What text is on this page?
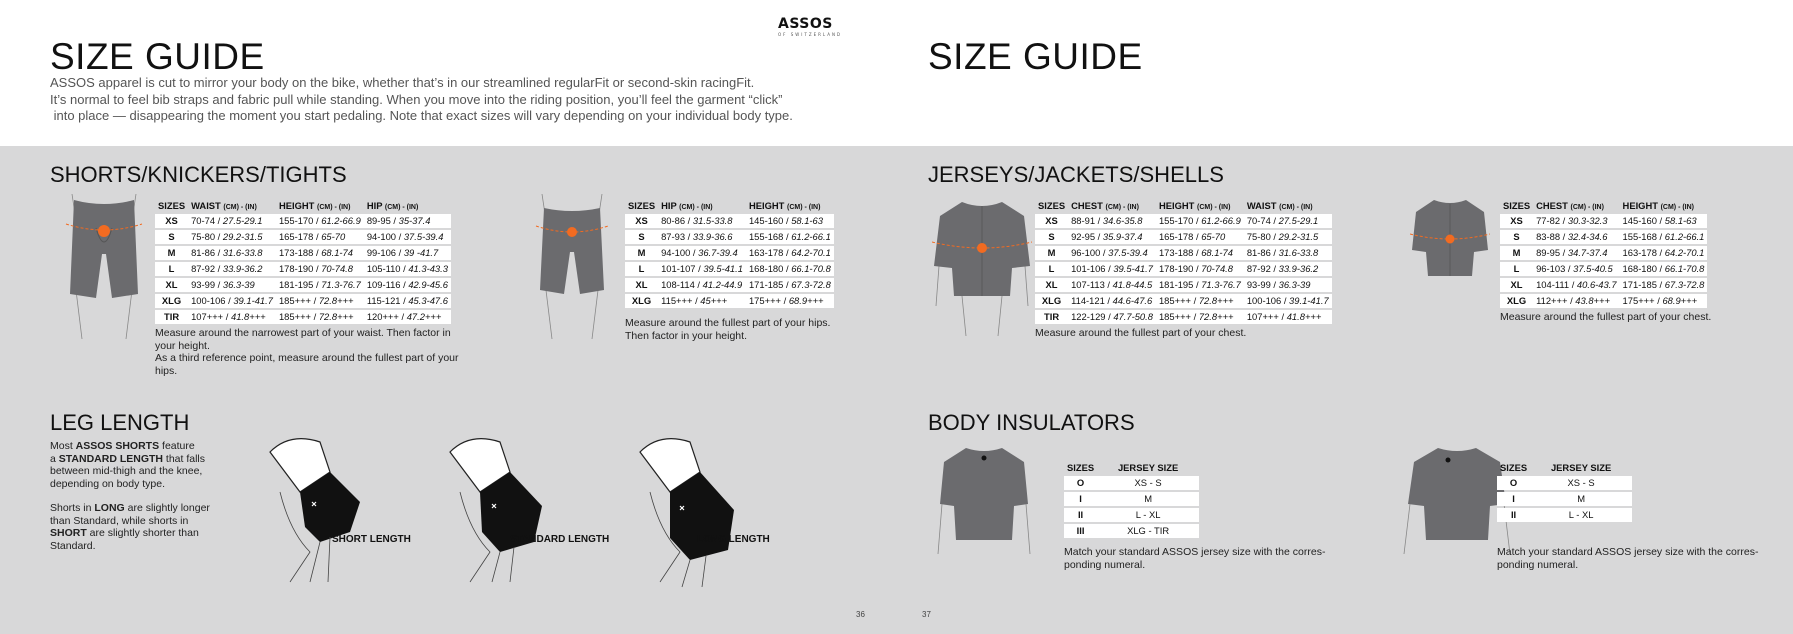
ASSOS
OF SWITZERLAND
SIZE GUIDE	SIZE GUIDE
ASSOS apparel is cut to mirror your body on the bike, whether that’s in our streamlined regularFit or second-skin racingFit.
It’s normal to feel bib straps and fabric pull while standing. When you move into the riding position, you’ll feel the garment “click”
into place — disappearing the moment you start pedaling. Note that exact sizes will vary depending on your individual body type.
SHORTS/KNICKERS/TIGHTS
SIZES	WAIST (CM) - (IN)	HEIGHT (CM) - (IN)	HIP (CM) - (IN)
XS	70-74 / 27.5-29.1	155-170 / 61.2-66.9	89-95 / 35-37.4
S	75-80 / 29.2-31.5	165-178 / 65-70	94-100 / 37.5-39.4
M	81-86 / 31.6-33.8	173-188 / 68.1-74	99-106 / 39 -41.7
L	87-92 / 33.9-36.2	178-190 / 70-74.8	105-110 / 41.3-43.3
XL	93-99 / 36.3-39	181-195 / 71.3-76.7	109-116 / 42.9-45.6
XLG	100-106 / 39.1-41.7	185+++ / 72.8+++	115-121 / 45.3-47.6
TIR	107+++ / 41.8+++	185+++ / 72.8+++	120+++ / 47.2+++

Measure around the narrowest part of your waist. Then factor in

your height.

As a third reference point, measure around the fullest part of your

hips.

SIZES	HIP (CM) - (IN)	HEIGHT (CM) - (IN)
XS	80-86 / 31.5-33.8	145-160 / 58.1-63
S	87-93 / 33.9-36.6	155-168 / 61.2-66.1
M	94-100 / 36.7-39.4	163-178 / 64.2-70.1
L	101-107 / 39.5-41.1	168-180 / 66.1-70.8
XL	108-114 / 41.2-44.9	171-185 / 67.3-72.8
XLG	115+++ / 45+++	175+++ / 68.9+++

Measure around the fullest part of your hips.

Then factor in your height.

LEG LENGTH

Most ASSOS SHORTS feature
a STANDARD LENGTH that falls
between mid-thigh and the knee,
depending on body type.

Shorts in LONG are slightly longer
than Standard, while shorts in
SHORT are slightly shorter than
Standard.	SHORT LENGTH	STANDARD LENGTH	LONG LENGTH
JERSEYS/JACKETS/SHELLS
SIZES	CHEST (CM) - (IN)	HEIGHT (CM) - (IN)	WAIST (CM) - (IN)
XS	88-91 / 34.6-35.8	155-170 / 61.2-66.9	70-74 / 27.5-29.1
S	92-95 / 35.9-37.4	165-178 / 65-70	75-80 / 29.2-31.5
M	96-100 / 37.5-39.4	173-188 / 68.1-74	81-86 / 31.6-33.8
L	101-106 / 39.5-41.7	178-190 / 70-74.8	87-92 / 33.9-36.2
XL	107-113 / 41.8-44.5	181-195 / 71.3-76.7	93-99 / 36.3-39
XLG	114-121 / 44.6-47.6	185+++ / 72.8+++	100-106 / 39.1-41.7
TIR	122-129 / 47.7-50.8	185+++ / 72.8+++	107+++ / 41.8+++

Measure around the fullest part of your chest.

SIZES	CHEST (CM) - (IN)	HEIGHT (CM) - (IN)
XS	77-82 / 30.3-32.3	145-160 / 58.1-63
S	83-88 / 32.4-34.6	155-168 / 61.2-66.1
M	89-95 / 34.7-37.4	163-178 / 64.2-70.1
L	96-103 / 37.5-40.5	168-180 / 66.1-70.8
XL	104-111 / 40.6-43.7	171-185 / 67.3-72.8
XLG	112+++ / 43.8+++	175+++ / 68.9+++

Measure around the fullest part of your chest.

BODY INSULATORS
SIZES	JERSEY SIZE
O	XS - S
I	M
II	L - XL
III	XLG - TIR

Match your standard ASSOS jersey size with the corres-

ponding numeral.

SIZES	JERSEY SIZE
O	XS - S
I	M
II	L - XL

Match your standard ASSOS jersey size with the corres-

ponding numeral.

36	37
